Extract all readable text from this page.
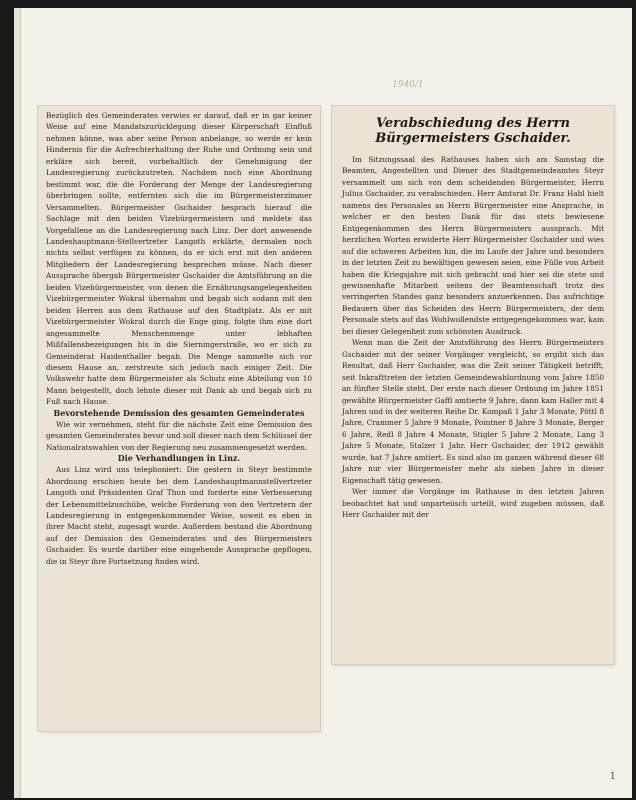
1940/1

Bezüglich des Gemeinderates verwies er darauf, daß er in gar keiner Weise auf eine Mandatszurücklegung dieser Körperschaft Einfluß nehmen könne, was aber seine Person anbelange, so werde er kein Hindernis für die Aufrechterhaltung der Ruhe und Ordnung sein und erkläre sich bereit, vorbehaltlich der Genehmigung der Landesregierung zurückzutreten. Nachdem noch eine Abordnung bestimmt war, die die Forderung der Menge der Landesregierung überbringen sollte, entfernten sich die im Bürgermeisterzimmer Versammelten. Bürgermeister Gschaider besprach hierauf die Sachlage mit den beiden Vizebürgermeistern und meldete das Vorgefallene an die Landesregierung nach Linz. Der dort anwesende Landeshauptmann-Stellvertreter Langoth erklärte, dermalen noch nichts selbst verfügen zu können, da er sich erst mit den anderen Mitgliedern der Landesregierung besprechen müsse. Nach dieser Aussprache übergab Bürgermeister Gschaider die Amtsführung an die beiden Vizebürgermeister, von denen die Ernährungsangelegenheiten Vizebürgermeister Wokral übernahm und begab sich sodann mit den beiden Herren aus dem Rathause auf den Stadtplatz. Als er mit Vizebürgermeister Wokral durch die Enge ging, folgte ihm eine dort angesammelte Menschenmenge unter lebhaften Mißfallensbezeigungen bis in die Sierningerstraße, wo er sich zu Gemeinderat Haidenthaller begab. Die Menge sammelte sich vor diesem Hause an, zerstreute sich jedoch nach einiger Zeit. Die Volkswehr hatte dem Bürgermeister als Schutz eine Abteilung von 10 Mann beigestellt, doch lehnte dieser mit Dank ab und begab sich zu Fuß nach Hause.

Bevorstehende Demission des gesamten Gemeinderates

Wie wir vernehmen, steht für die nächste Zeit eine Demission des gesamten Gemeinderates bevor und soll dieser nach dem Schlüssel der Nationalratswahlen von der Regierung neu zusammengesetzt werden.

Die Verhandlungen in Linz.

Aus Linz wird uns telephoniert: Die gestern in Steyr bestimmte Abordnung erschien heute bei dem Landeshauptmannstellvertreter Langoth und Präsidenten Graf Thun und forderte eine Verbesserung der Lebensmittelzuschübe, welche Forderung von den Vertretern der Landesregierung in entgegenkommender Weise, soweit es eben in ihrer Macht steht, zugesagt wurde. Außerdem bestand die Abordnung auf der Demission des Gemeinderates und des Bürgermeisters Gschaider. Es wurde darüber eine eingehende Aussprache gepflogen, die in Steyr ihre Fortsetzung finden wird.

Verabschiedung des Herrn Bürgermeisters Gschaider.

Im Sitzungssaal des Rathauses haben sich am Samstag die Beamten, Angestellten und Diener des Stadtgemeindeamtes Steyr versammelt um sich von dem scheidenden Bürgermeister, Herrn Julius Gschaider, zu verabschieden. Herr Amtsrat Dr. Franz Habl hielt namens des Personales an Herrn Bürgermeister eine Ansprache, in welcher er den besten Dank für das stets bewiesene Entgegenkommen des Herrn Bürgermeisters aussprach. Mit herzlichen Worten erwiderte Herr Bürgermeister Gschaider und wies auf die schweren Arbeiten hin, die im Laufe der Jahre und besonders in der letzten Zeit zu bewältigen gewesen seien, eine Fülle von Arbeit haben die Kriegsjahre mit sich gebracht und hier sei die stete und gewissenhafte Mitarbeit seitens der Beamtenschaft trotz des verringerten Standes ganz besonders anzuerkennen. Das aufrichtige Bedauern über das Scheiden des Herrn Bürgermeisters, der dem Personale stets auf das Wohlwollendste entgegengekommen war, kam bei dieser Gelegenheit zum schönsten Ausdruck.

Wenn man die Zeit der Amtsführung des Herrn Bürgermeisters Gschaider mit der seiner Vorgänger vergleicht, so ergibt sich das Resultat, daß Herr Gschaider, was die Zeit seiner Tätigkeit betrifft, seit Inkrafttreten der letzten Gemeindewahlordnung vom Jahre 1850 an fünfter Stelle steht. Der erste nach dieser Ordnung im Jahre 1851 gewählte Bürgermeister Gaffl amtierte 9 Jahre, dann kam Haller mit 4 Jahren und in der weiteren Reihe Dr. Kompaß 1 Jahr 3 Monate, Pöttl 8 Jahre, Crammer 5 Jahre 9 Monate, Pointner 8 Jahre 3 Monate, Berger 6 Jahre, Redl 8 Jahre 4 Monate, Stigler 5 Jahre 2 Monate, Lang 3 Jahre 5 Monate, Stalzer 1 Jahr. Herr Gschaider, der 1912 gewählt wurde, hat 7 Jahre amtiert. Es sind also im ganzen während dieser 68 Jahre nur vier Bürgermeister mehr als sieben Jahre in dieser Eigenschaft tätig gewesen.

Wer immer die Vorgänge im Rathause in den letzten Jahren beobachtet hat und unparteiisch urteilt, wird zugeben müssen, daß Herr Gschaider mit der

1
